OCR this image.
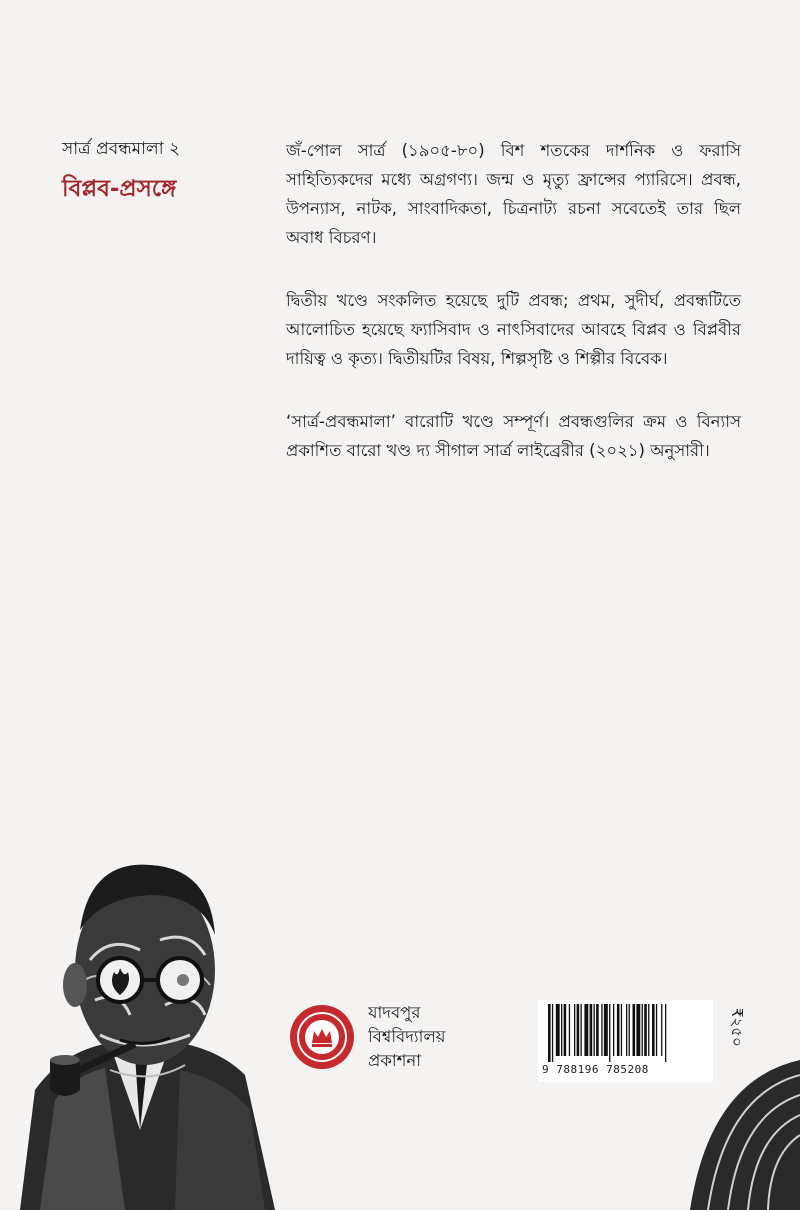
সার্ত্র প্রবন্ধমালা ২
বিপ্লব-প্রসঙ্গে

জঁ-পোল সার্ত্র (১৯০৫-৮০) বিশ শতকের দার্শনিক ও ফরাসি সাহিত্যিকদের মধ্যে অগ্রগণ্য। জন্ম ও মৃত্যু ফ্রান্সের প্যারিসে। প্রবন্ধ, উপন্যাস, নাটক, সাংবাদিকতা, চিত্রনাট্য রচনা সবেতেই তার ছিল অবাধ বিচরণ।

দ্বিতীয় খণ্ডে সংকলিত হয়েছে দুটি প্রবন্ধ; প্রথম, সুদীর্ঘ, প্রবন্ধটিতে আলোচিত হয়েছে ফ্যাসিবাদ ও নাৎসিবাদের আবহে বিপ্লব ও বিপ্লবীর দায়িত্ব ও কৃত্য। দ্বিতীয়টির বিষয়, শিল্পসৃষ্টি ও শিল্পীর বিবেক।

‘সার্ত্র-প্রবন্ধমালা’ বারোটি খণ্ডে সম্পূর্ণ। প্রবন্ধগুলির ক্রম ও বিন্যাস প্রকাশিত বারো খণ্ড দ্য সীগাল সার্ত্র লাইব্রেরীর (২০২১) অনুসারী।

যাদবপুর
বিশ্ববিদ্যালয়
প্রকাশনা	9 788196 785208
₹২৫০
